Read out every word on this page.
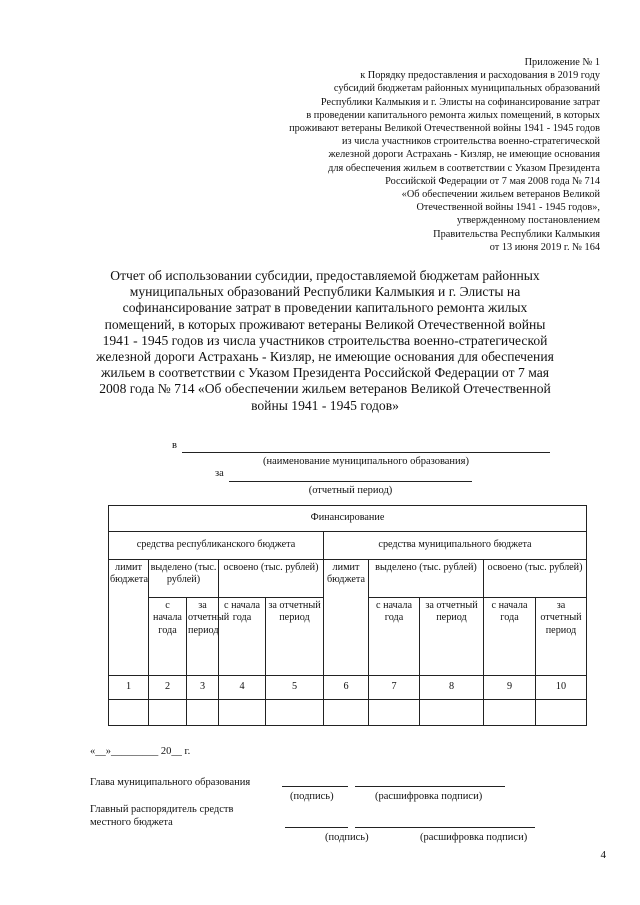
Приложение № 1
к Порядку предоставления и расходования в 2019 году
субсидий бюджетам районных муниципальных образований
Республики Калмыкия и г. Элисты на софинансирование затрат
в проведении капитального ремонта жилых помещений, в которых
проживают ветераны Великой Отечественной войны 1941 - 1945 годов
из числа участников строительства военно-стратегической
железной дороги Астрахань - Кизляр, не имеющие основания
для обеспечения жильем в соответствии с Указом Президента
Российской Федерации от 7 мая 2008 года № 714
«Об обеспечении жильем ветеранов Великой
Отечественной войны 1941 - 1945 годов»,
утвержденному постановлением
Правительства Республики Калмыкия
от 13 июня 2019 г. № 164
Отчет об использовании субсидии, предоставляемой бюджетам районных муниципальных образований Республики Калмыкия и г. Элисты на софинансирование затрат в проведении капитального ремонта жилых помещений, в которых проживают ветераны Великой Отечественной войны 1941 - 1945 годов из числа участников строительства военно-стратегической железной дороги Астрахань - Кизляр, не имеющие основания для обеспечения жильем в соответствии с Указом Президента Российской Федерации от 7 мая 2008 года № 714 «Об обеспечении жильем ветеранов Великой Отечественной войны 1941 - 1945 годов»
в
(наименование муниципального образования)
за
(отчетный период)
Финансирование									
средства республиканского бюджета					средства муниципального бюджета				
лимит бюджета	выделено (тыс. рублей)		освоено (тыс. рублей)		лимит бюджета	выделено (тыс. рублей)		освоено (тыс. рублей)	
	с начала года	за отчетный период	с начала года	за отчетный период		с начала года	за отчетный период	с начала года	за отчетный период
1	2	3	4	5	6	7	8	9	10

«__»_________ 20__ г.
Глава муниципального образования
(подпись)	(расшифровка подписи)
Главный распорядитель средств
местного бюджета
(подпись)	(расшифровка подписи)
4
